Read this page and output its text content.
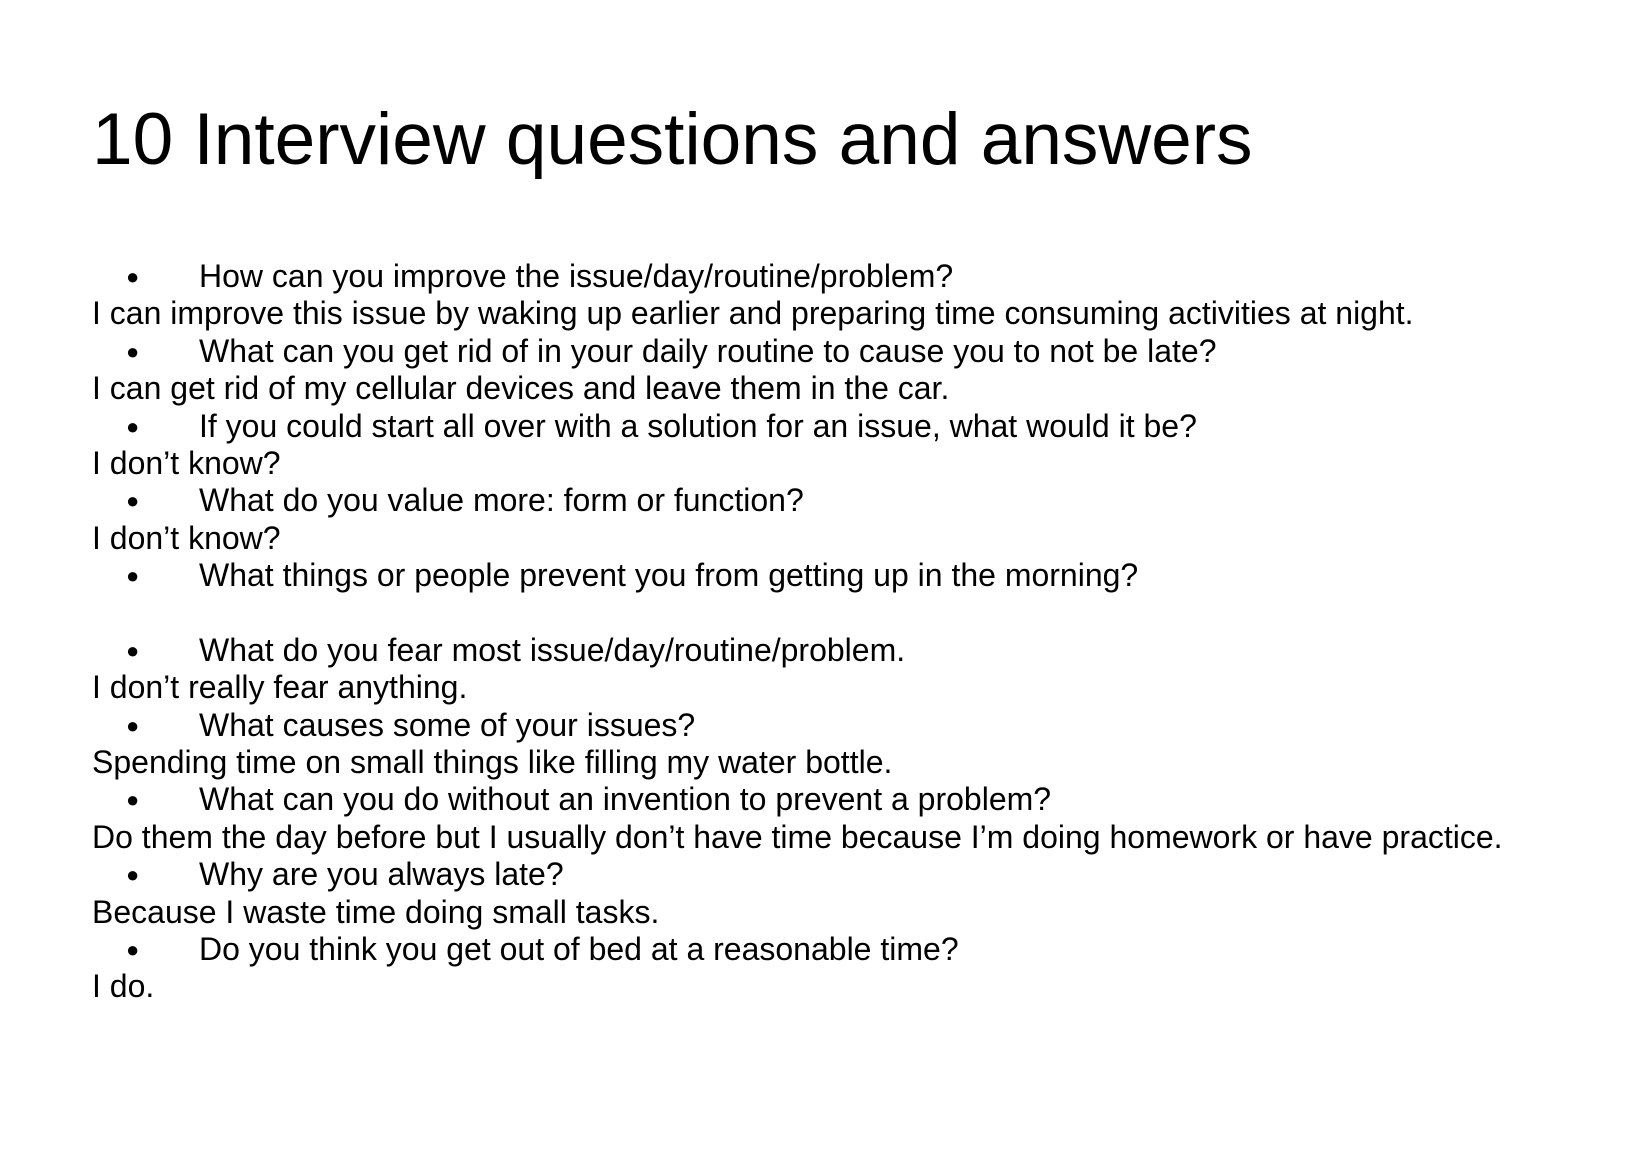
10 Interview questions and answers
● How can you improve the issue/day/routine/problem?
I can improve this issue by waking up earlier and preparing time consuming activities at night.
● What can you get rid of in your daily routine to cause you to not be late?
I can get rid of my cellular devices and leave them in the car.
● If you could start all over with a solution for an issue, what would it be?
I don’t know?
● What do you value more: form or function?
I don’t know?
● What things or people prevent you from getting up in the morning?
● What do you fear most issue/day/routine/problem.
I don’t really fear anything.
● What causes some of your issues?
Spending time on small things like filling my water bottle.
● What can you do without an invention to prevent a problem?
Do them the day before but I usually don’t have time because I’m doing homework or have practice.
● Why are you always late?
Because I waste time doing small tasks.
● Do you think you get out of bed at a reasonable time?
I do.
